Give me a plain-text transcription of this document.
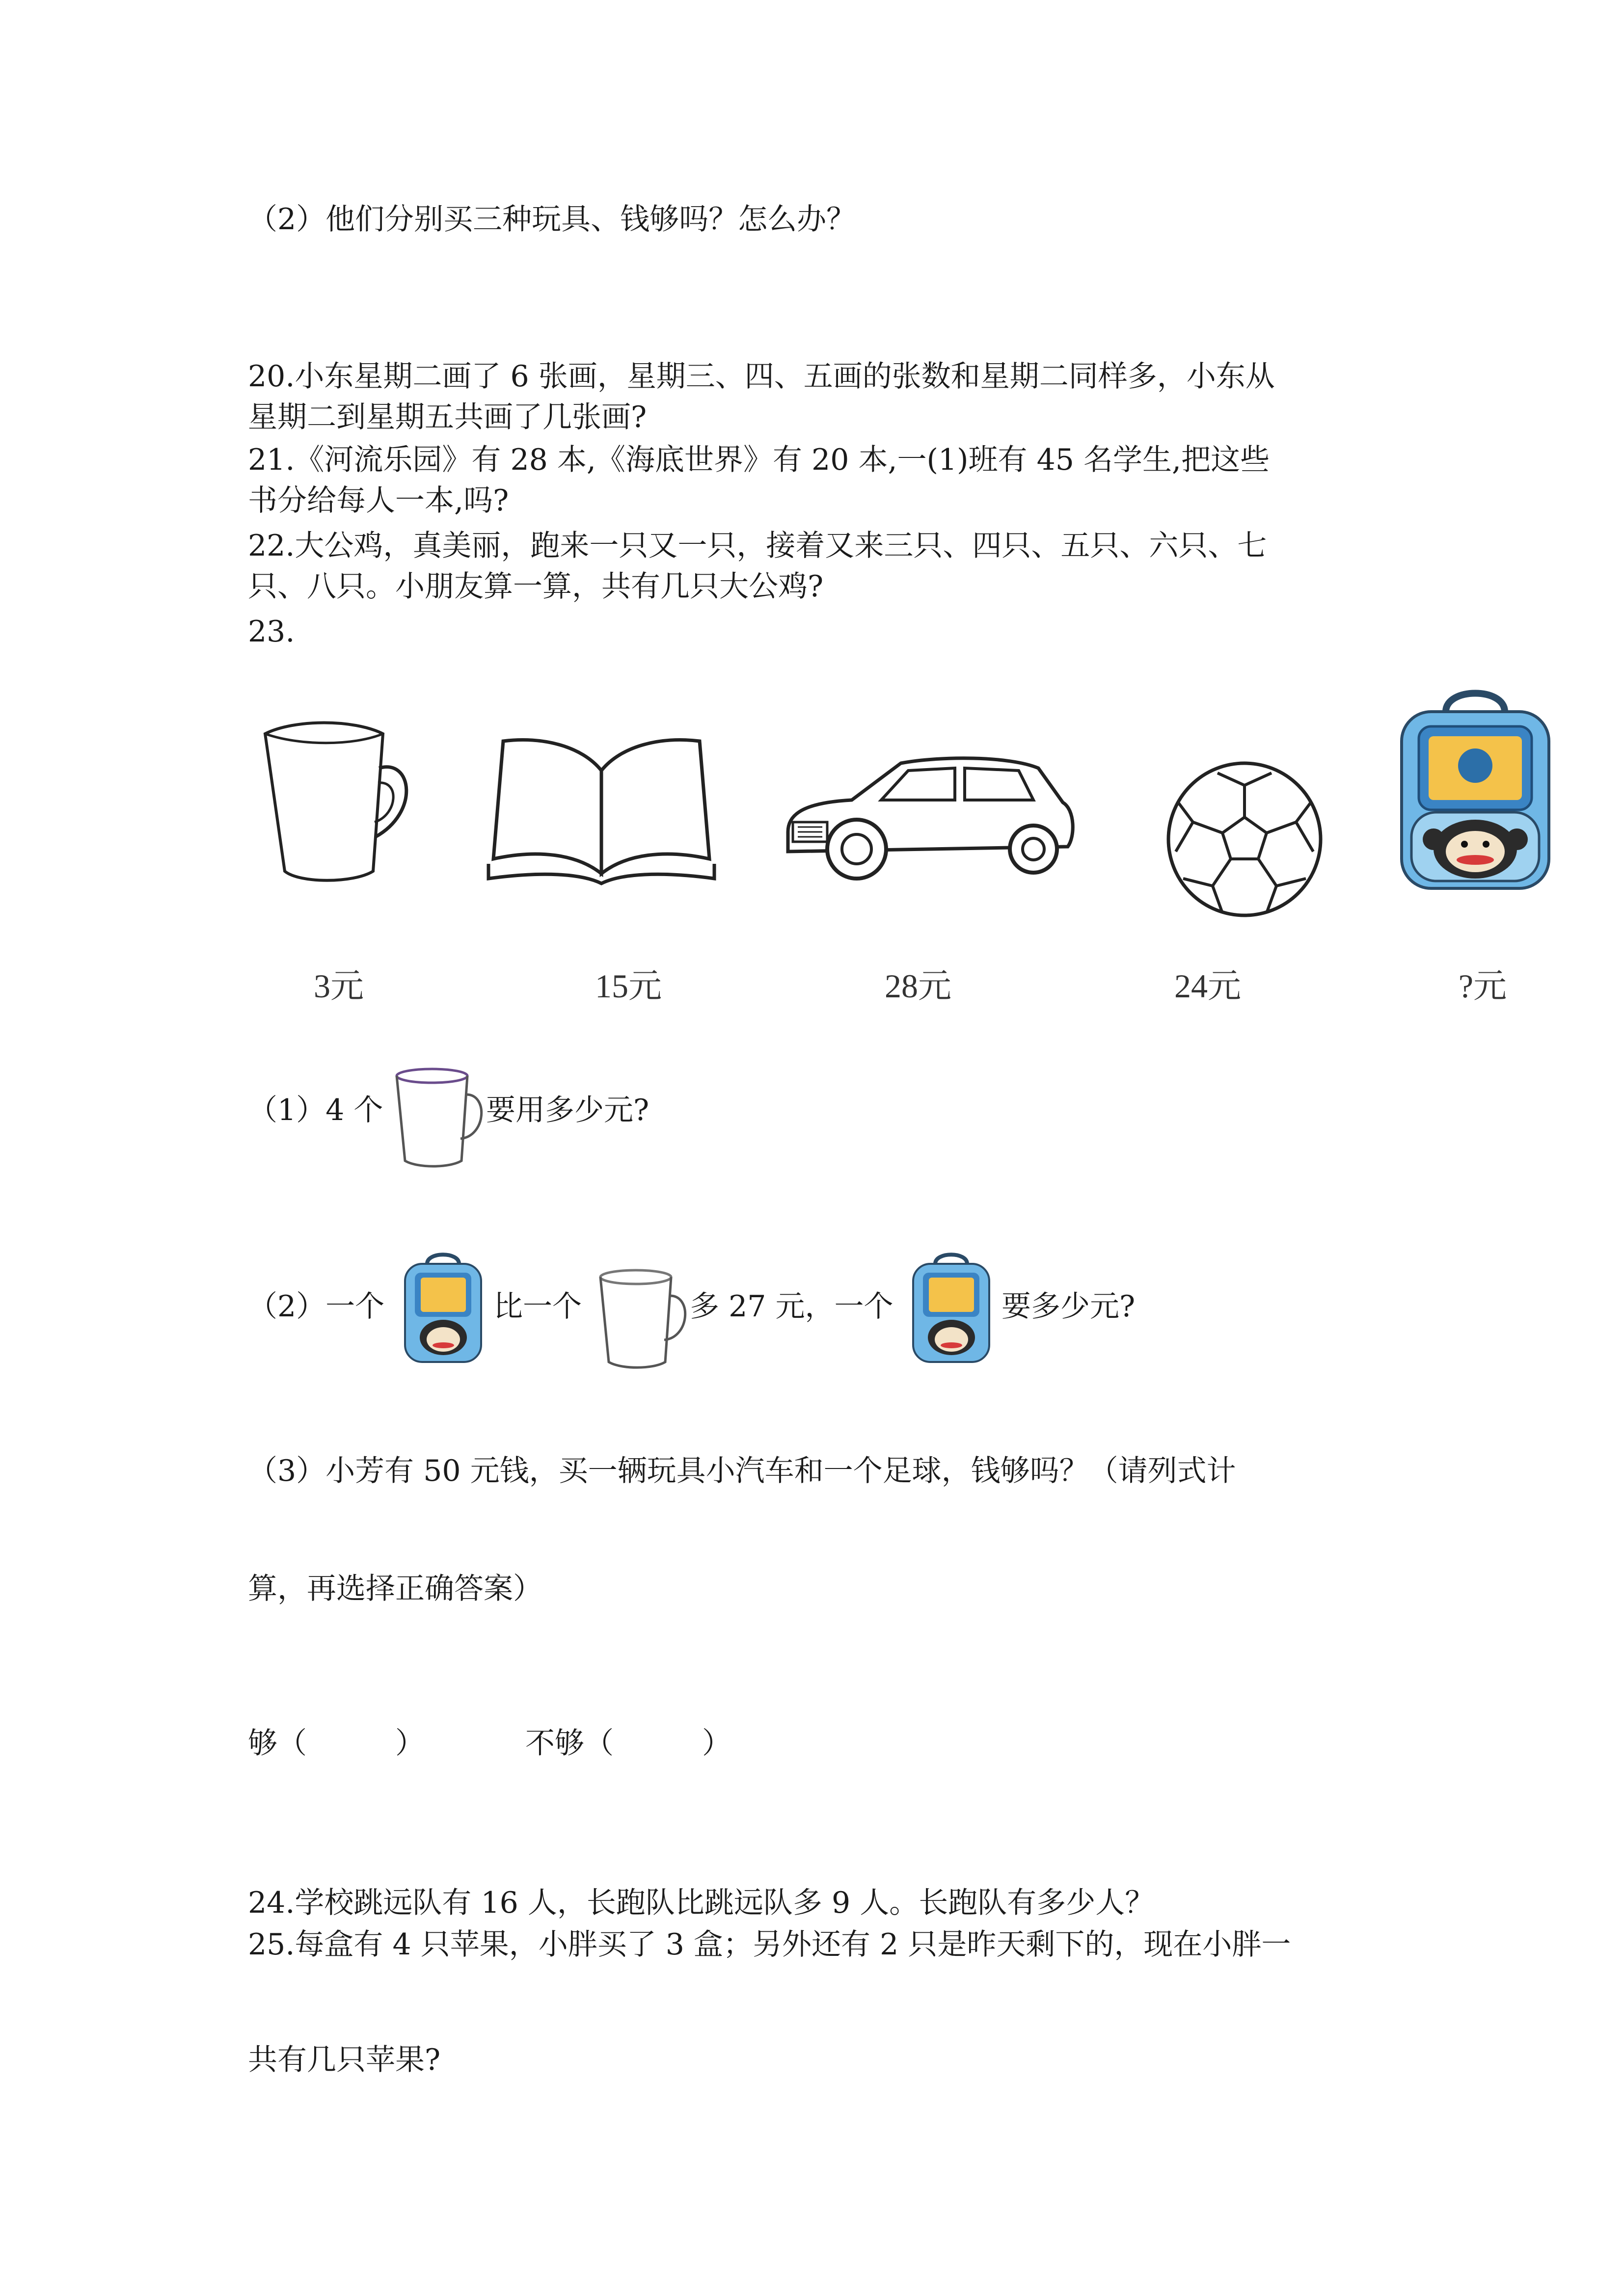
（2）他们分别买三种玩具、钱够吗？怎么办？
20.小东星期二画了 6 张画，星期三、四、五画的张数和星期二同样多，小东从
星期二到星期五共画了几张画?
21.《河流乐园》有 28 本,《海底世界》有 20 本,一(1)班有 45 名学生,把这些
书分给每人一本,吗?
22.大公鸡，真美丽，跑来一只又一只，接着又来三只、四只、五只、六只、七
只、八只。小朋友算一算，共有几只大公鸡?
23.
3元	15元	28元	24元	?元
（1）4 个	要用多少元?
（2）一个	比一个	多 27 元，一个	要多少元?
（3）小芳有 50 元钱，买一辆玩具小汽车和一个足球，钱够吗？（请列式计
算，再选择正确答案）
够（　　　）	不够（　　　）
24.学校跳远队有 16 人，长跑队比跳远队多 9 人。长跑队有多少人？
25.每盒有 4 只苹果，小胖买了 3 盒；另外还有 2 只是昨天剩下的，现在小胖一
共有几只苹果?
